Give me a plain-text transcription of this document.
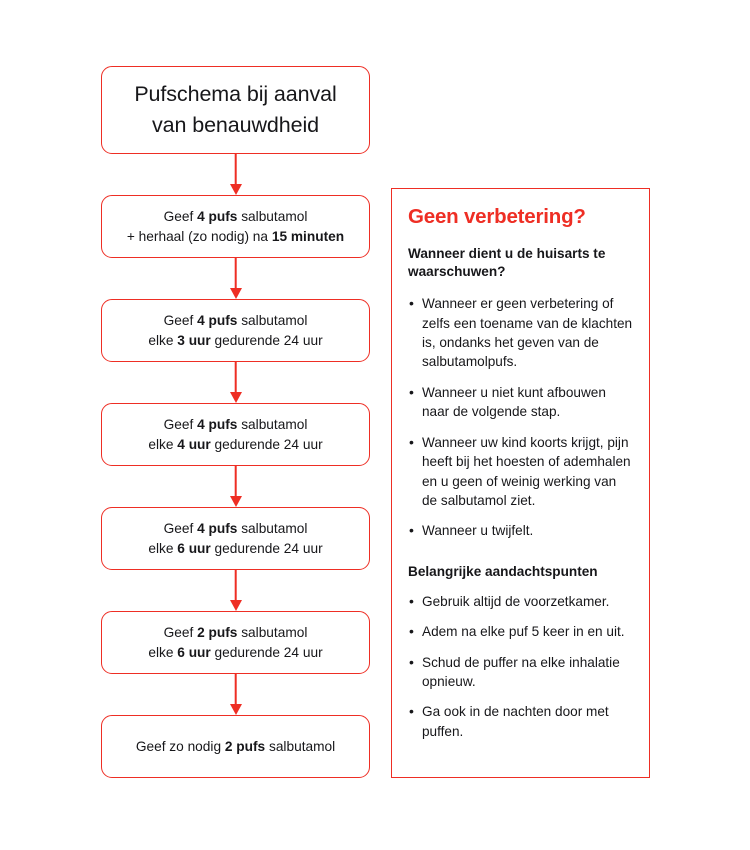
Pufschema bij aanval
van benauwdheid
Geef 4 pufs salbutamol
+ herhaal (zo nodig) na 15 minuten
Geef 4 pufs salbutamol
elke 3 uur gedurende 24 uur
Geef 4 pufs salbutamol
elke 4 uur gedurende 24 uur
Geef 4 pufs salbutamol
elke 6 uur gedurende 24 uur
Geef 2 pufs salbutamol
elke 6 uur gedurende 24 uur
Geef zo nodig 2 pufs salbutamol
Geen verbetering?
Wanneer dient u de huisarts te waarschuwen?
• Wanneer er geen verbetering of zelfs een toename van de klachten is, ondanks het geven van de salbutamolpufs.
• Wanneer u niet kunt afbouwen naar de volgende stap.
• Wanneer uw kind koorts krijgt, pijn heeft bij het hoesten of ademhalen en u geen of weinig werking van de salbutamol ziet.
• Wanneer u twijfelt.
Belangrijke aandachtspunten
• Gebruik altijd de voorzetkamer.
• Adem na elke puf 5 keer in en uit.
• Schud de puffer na elke inhalatie opnieuw.
• Ga ook in de nachten door met puffen.
